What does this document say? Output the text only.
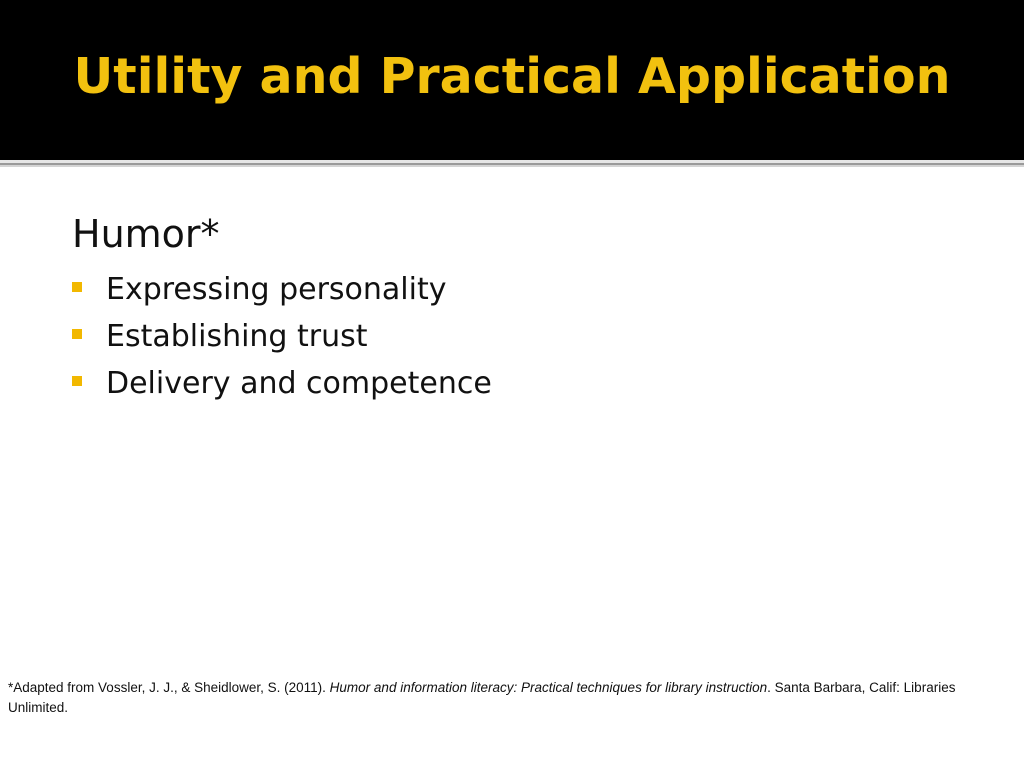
Utility and Practical Application
Humor*
Expressing personality
Establishing trust
Delivery and competence
*Adapted from Vossler, J. J., & Sheidlower, S. (2011). Humor and information literacy: Practical techniques for library instruction. Santa Barbara, Calif: Libraries Unlimited.
